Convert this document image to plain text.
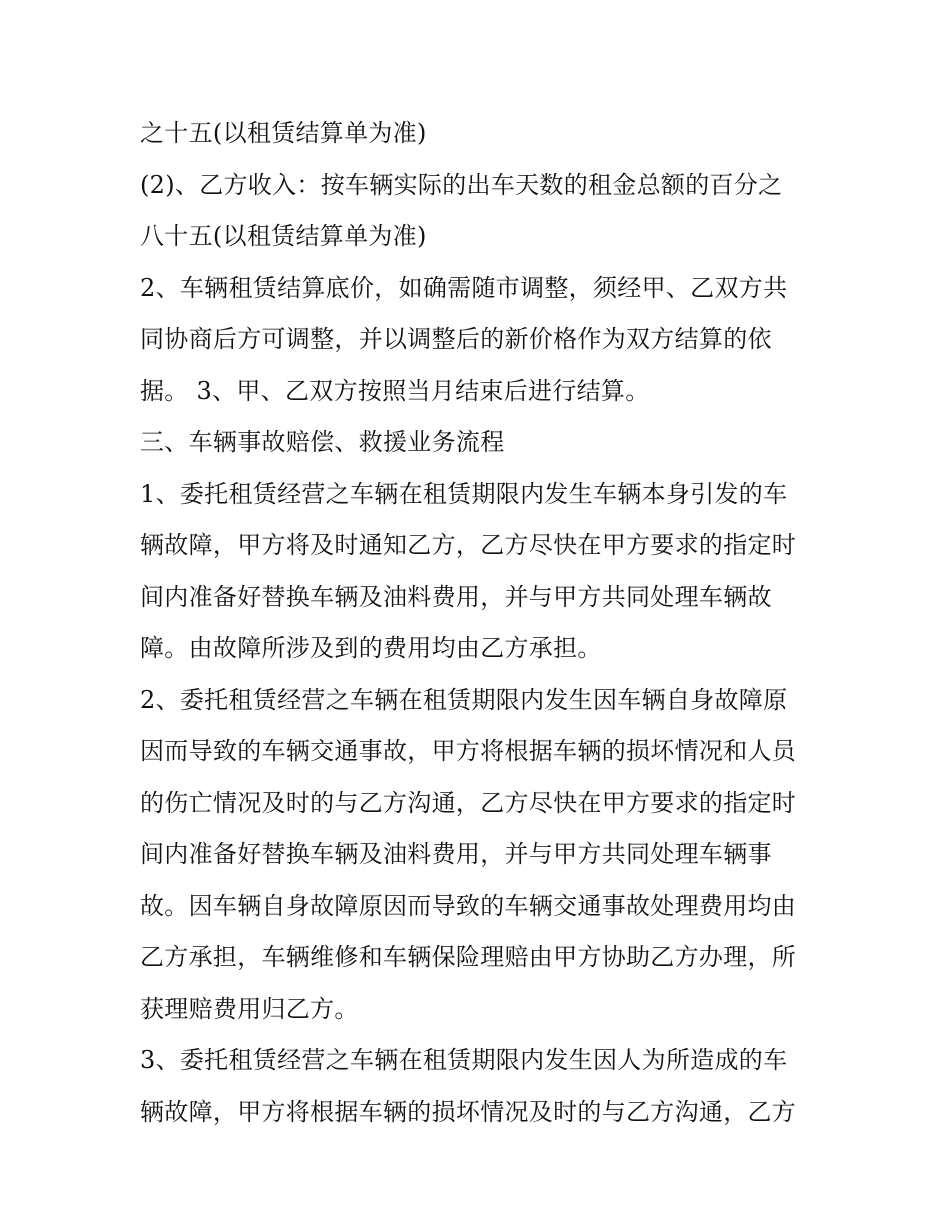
之十五(以租赁结算单为准)
(2)、乙方收入：按车辆实际的出车天数的租金总额的百分之
八十五(以租赁结算单为准)
2、车辆租赁结算底价，如确需随市调整，须经甲、乙双方共
同协商后方可调整，并以调整后的新价格作为双方结算的依
据。 3、甲、乙双方按照当月结束后进行结算。
三、车辆事故赔偿、救援业务流程
1、委托租赁经营之车辆在租赁期限内发生车辆本身引发的车
辆故障，甲方将及时通知乙方，乙方尽快在甲方要求的指定时
间内准备好替换车辆及油料费用，并与甲方共同处理车辆故
障。由故障所涉及到的费用均由乙方承担。
2、委托租赁经营之车辆在租赁期限内发生因车辆自身故障原
因而导致的车辆交通事故，甲方将根据车辆的损坏情况和人员
的伤亡情况及时的与乙方沟通，乙方尽快在甲方要求的指定时
间内准备好替换车辆及油料费用，并与甲方共同处理车辆事
故。因车辆自身故障原因而导致的车辆交通事故处理费用均由
乙方承担，车辆维修和车辆保险理赔由甲方协助乙方办理，所
获理赔费用归乙方。
3、委托租赁经营之车辆在租赁期限内发生因人为所造成的车
辆故障，甲方将根据车辆的损坏情况及时的与乙方沟通，乙方
